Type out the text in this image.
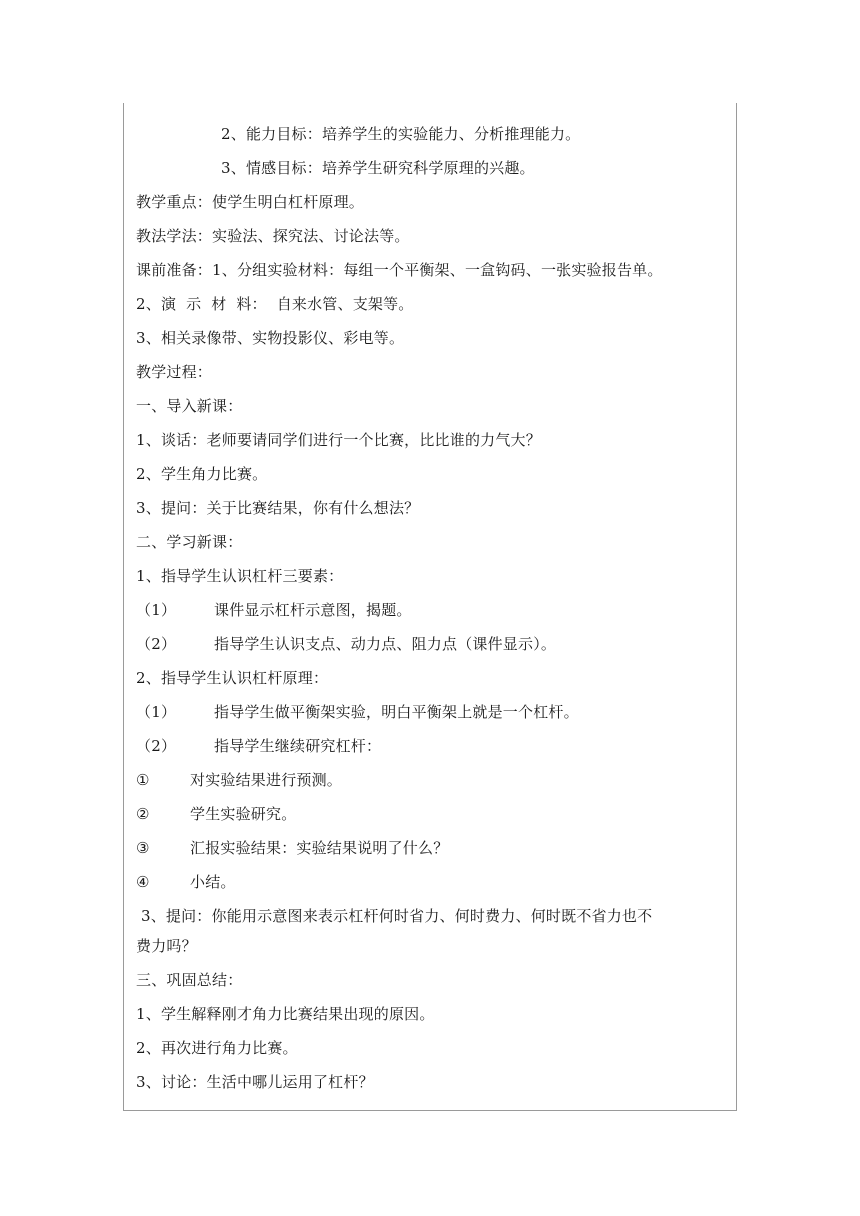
2、能力目标：培养学生的实验能力、分析推理能力。
3、情感目标：培养学生研究科学原理的兴趣。
教学重点：使学生明白杠杆原理。
教法学法：实验法、探究法、讨论法等。
课前准备：1、分组实验材料：每组一个平衡架、一盒钩码、一张实验报告单。
2、演  示  材  料：  自来水管、支架等。
3、相关录像带、实物投影仪、彩电等。
教学过程：
一、导入新课：
1、谈话：老师要请同学们进行一个比赛，比比谁的力气大？
2、学生角力比赛。
3、提问：关于比赛结果，你有什么想法？
二、学习新课：
1、指导学生认识杠杆三要素：
（1）	课件显示杠杆示意图，揭题。
（2）	指导学生认识支点、动力点、阻力点（课件显示）。
2、指导学生认识杠杆原理：
（1）	指导学生做平衡架实验，明白平衡架上就是一个杠杆。
（2）	指导学生继续研究杠杆：
①	对实验结果进行预测。
②	学生实验研究。
③	汇报实验结果：实验结果说明了什么？
④	小结。
3、提问：你能用示意图来表示杠杆何时省力、何时费力、何时既不省力也不
费力吗？
三、巩固总结：
1、学生解释刚才角力比赛结果出现的原因。
2、再次进行角力比赛。
3、讨论：生活中哪儿运用了杠杆？
